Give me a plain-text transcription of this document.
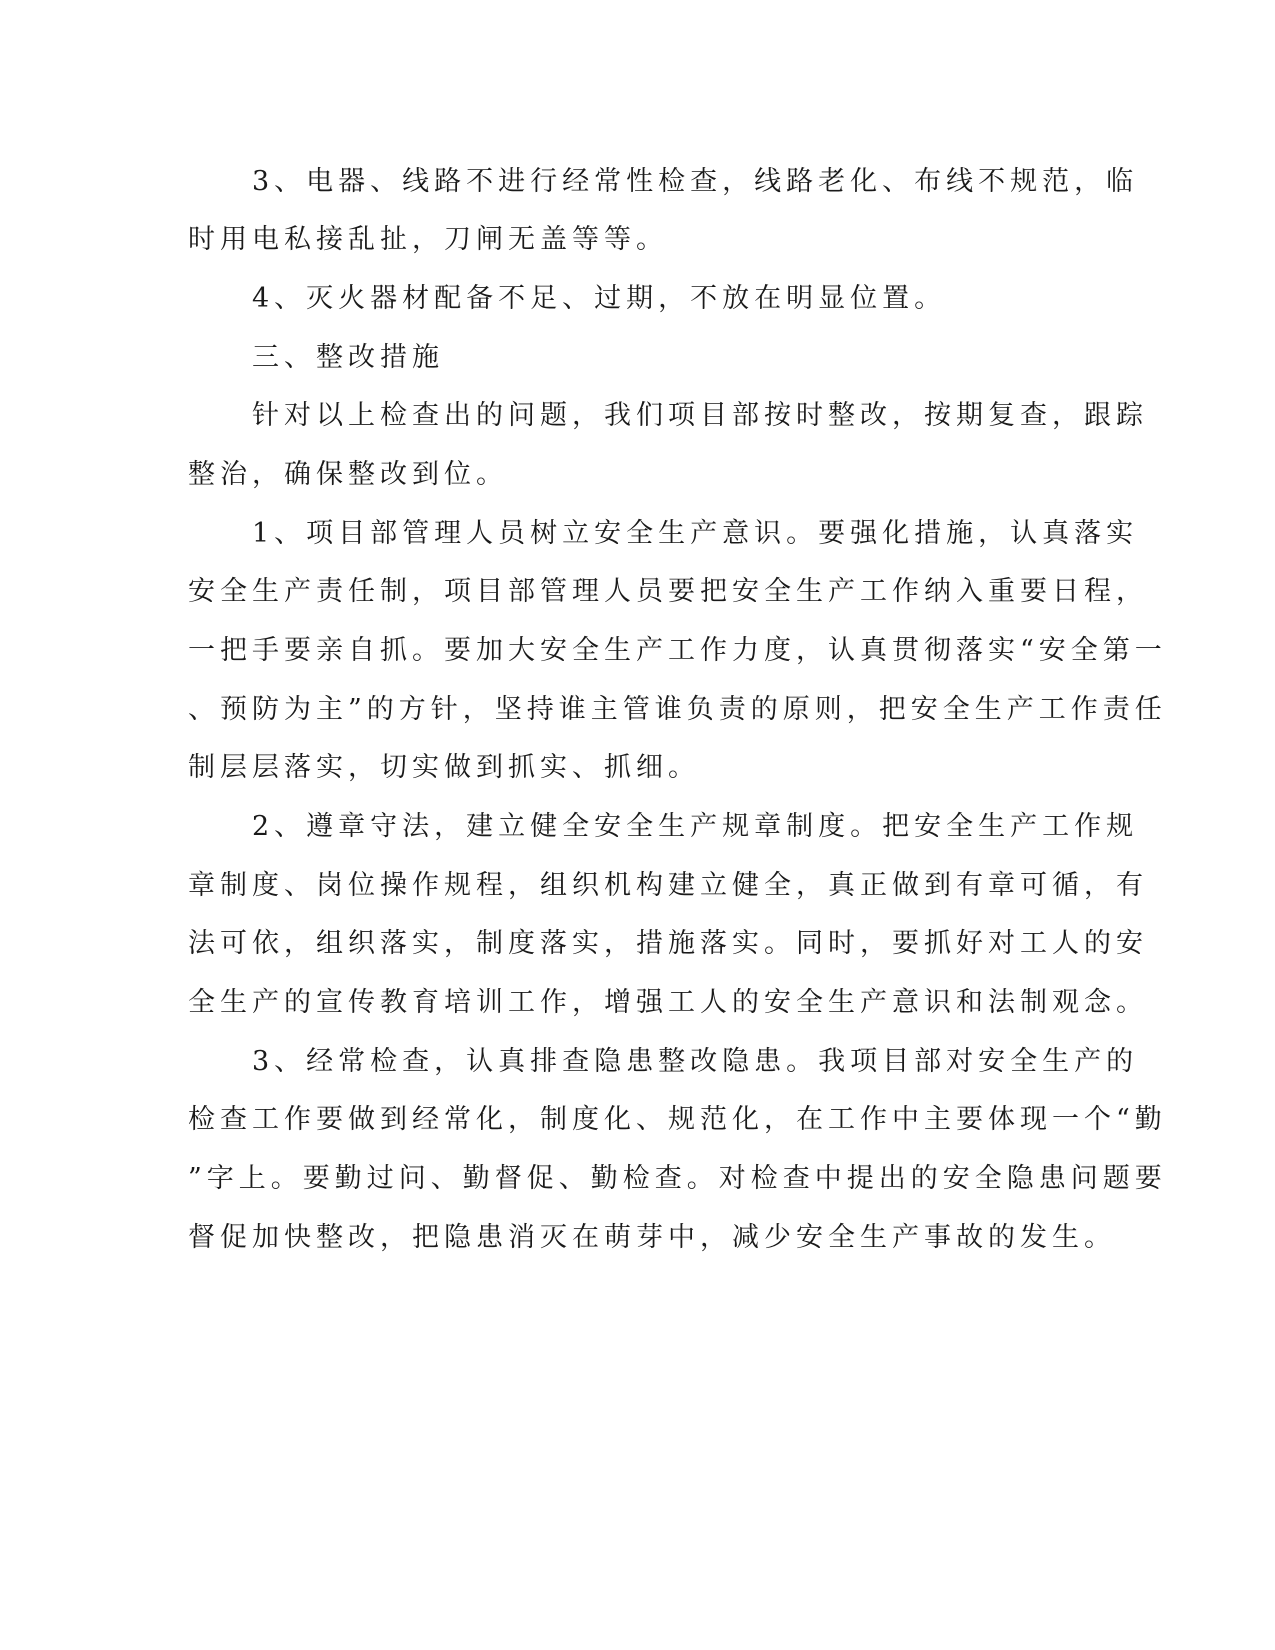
3、电器、线路不进行经常性检查，线路老化、布线不规范，临
时用电私接乱扯，刀闸无盖等等。
4、灭火器材配备不足、过期，不放在明显位置。
三、整改措施
针对以上检查出的问题，我们项目部按时整改，按期复查，跟踪
整治，确保整改到位。
1、项目部管理人员树立安全生产意识。要强化措施，认真落实
安全生产责任制，项目部管理人员要把安全生产工作纳入重要日程，
一把手要亲自抓。要加大安全生产工作力度，认真贯彻落实“安全第一
、预防为主”的方针，坚持谁主管谁负责的原则，把安全生产工作责任
制层层落实，切实做到抓实、抓细。
2、遵章守法，建立健全安全生产规章制度。把安全生产工作规
章制度、岗位操作规程，组织机构建立健全，真正做到有章可循，有
法可依，组织落实，制度落实，措施落实。同时，要抓好对工人的安
全生产的宣传教育培训工作，增强工人的安全生产意识和法制观念。
3、经常检查，认真排查隐患整改隐患。我项目部对安全生产的
检查工作要做到经常化，制度化、规范化，在工作中主要体现一个“勤
”字上。要勤过问、勤督促、勤检查。对检查中提出的安全隐患问题要
督促加快整改，把隐患消灭在萌芽中，减少安全生产事故的发生。
